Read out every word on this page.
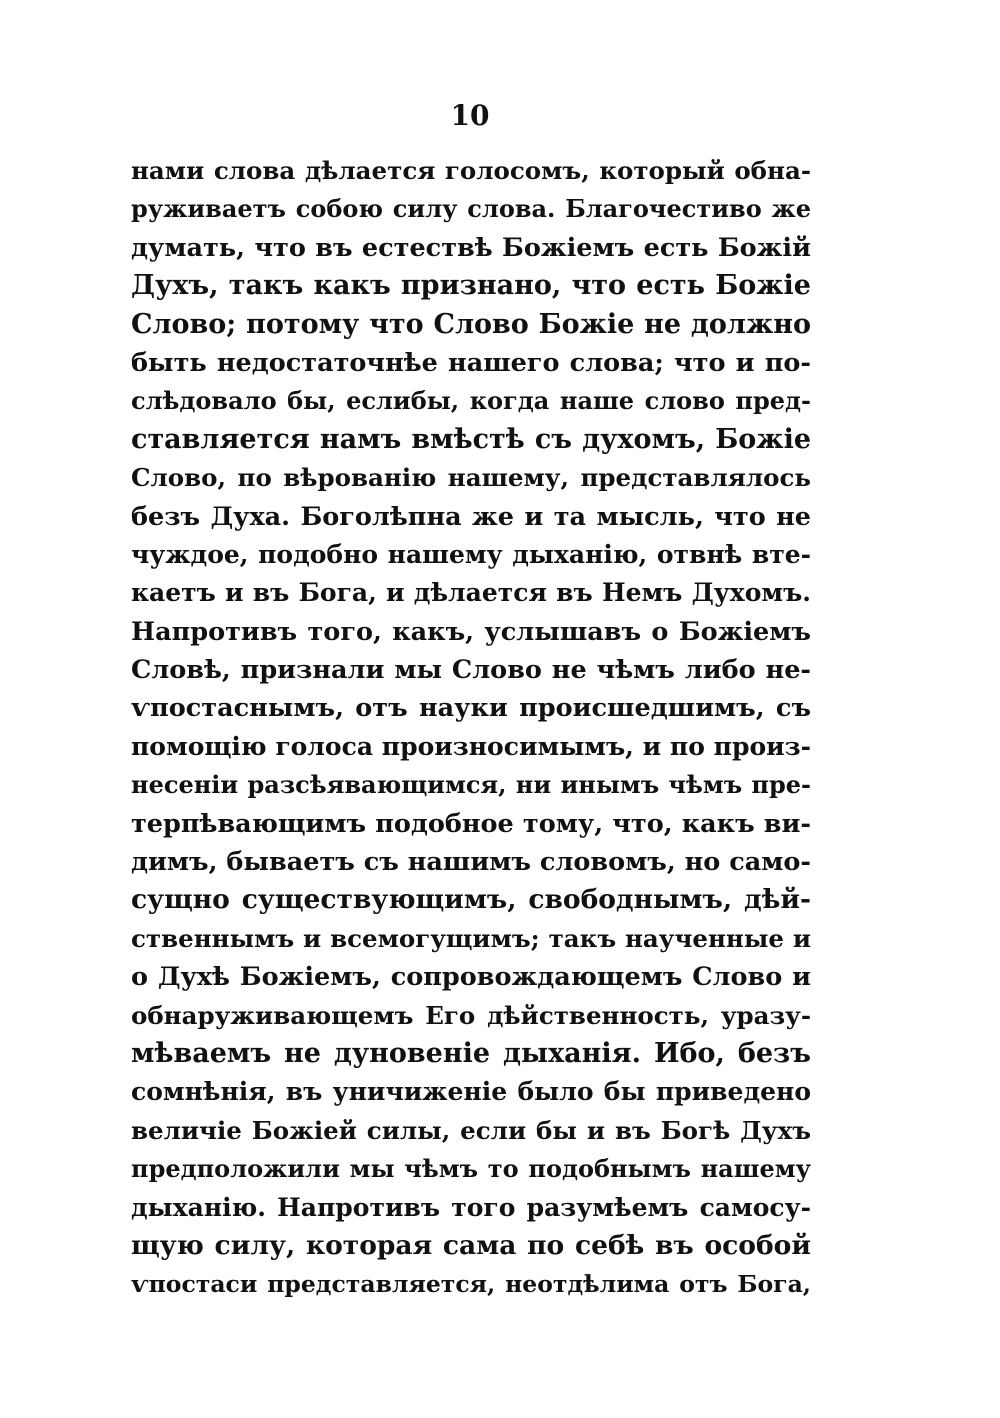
10
нами слова дѣлается голосомъ, который обна-
руживаетъ собою силу слова. Благочестиво же
думать, что въ естествѣ Божіемъ есть Божій
Духъ, такъ какъ признано, что есть Божіе
Слово; потому что Слово Божіе не должно
быть недостаточнѣе нашего слова; что и по-
слѣдовало бы, еслибы, когда наше слово пред-
ставляется намъ вмѣстѣ съ духомъ, Божіе
Слово, по вѣрованію нашему, представлялось
безъ Духа. Боголѣпна же и та мысль, что не
чуждое, подобно нашему дыханію, отвнѣ вте-
каетъ и въ Бога, и дѣлается въ Немъ Духомъ.
Напротивъ того, какъ, услышавъ о Божіемъ
Словѣ, признали мы Слово не чѣмъ либо не-
ѵпостаснымъ, отъ науки происшедшимъ, съ
помощію голоса произносимымъ, и по произ-
несеніи разсѣявающимся, ни инымъ чѣмъ пре-
терпѣвающимъ подобное тому, что, какъ ви-
димъ, бываетъ съ нашимъ словомъ, но само-
сущно существующимъ, свободнымъ, дѣй-
ственнымъ и всемогущимъ; такъ наученные и
о Духѣ Божіемъ, сопровождающемъ Слово и
обнаруживающемъ Его дѣйственность, уразу-
мѣваемъ не дуновеніе дыханія. Ибо, безъ
сомнѣнія, въ уничиженіе было бы приведено
величіе Божіей силы, если бы и въ Богѣ Духъ
предположили мы чѣмъ то подобнымъ нашему
дыханію. Напротивъ того разумѣемъ самосу-
щую силу, которая сама по себѣ въ особой
ѵпостаси представляется, неотдѣлима отъ Бога,
